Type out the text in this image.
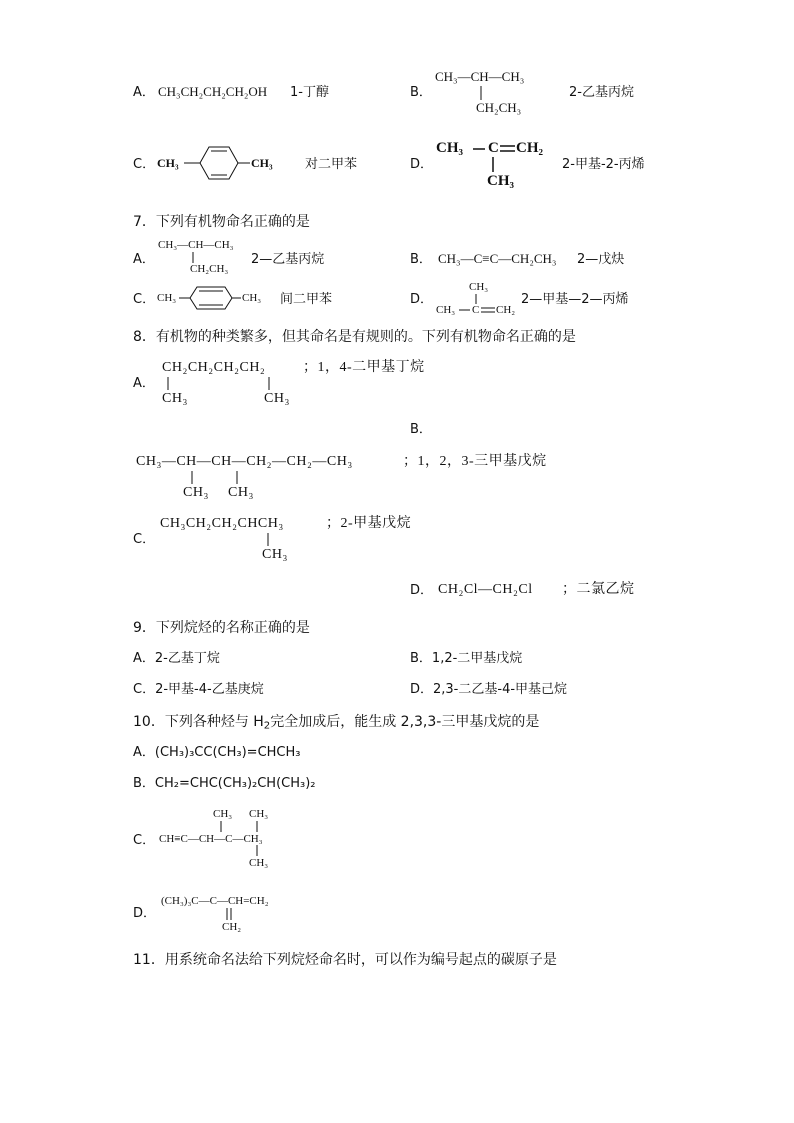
A． CH₃CH₂CH₂CH₂OH 1-丁醇	B．
CH₃—CH—CH₃
CH₂CH₃
2-乙基丙烷
C． CH₃	CH₃ 对二甲苯	D．
CH₃ C CH₂
CH₃
2-甲基-2-丙烯
7．下列有机物命名正确的是
A．
CH₃—CH—CH₃
CH₂CH₃
2—乙基丙烷	B． CH₃—C≡C—CH₂CH₃ 2—戊炔
C． CH₃	CH₃ 间二甲苯	D．
CH₃
CH₃ C CH₂
2—甲基—2—丙烯
8．有机物的种类繁多，但其命名是有规则的。下列有机物命名正确的是
A．
CH₂CH₂CH₂CH₂
CH₃	CH₃
；1，4-二甲基丁烷
B．
CH₃—CH—CH—CH₂—CH₂—CH₃
CH₃ CH₃
；1，2，3-三甲基戊烷
C．
CH₃CH₂CH₂CHCH₃
CH₃
；2-甲基戊烷
D． CH₂Cl—CH₂Cl ；二氯乙烷
9．下列烷烃的名称正确的是
A．2-乙基丁烷	B．1,2-二甲基戊烷
C．2-甲基-4-乙基庚烷	D．2,3-二乙基-4-甲基己烷
10．下列各种烃与 $H_2$完全加成后，能生成 2,3,3-三甲基戊烷的是
A．(CH₃)₃CC(CH₃)=CHCH₃
B．CH₂=CHC(CH₃)₂CH(CH₃)₂
C．
CH₃ CH₃
CH≡C—CH—C—CH₃
CH₃
D．
(CH₃)₃C—C—CH=CH₂
CH₂
11．用系统命名法给下列烷烃命名时，可以作为编号起点的碳原子是
